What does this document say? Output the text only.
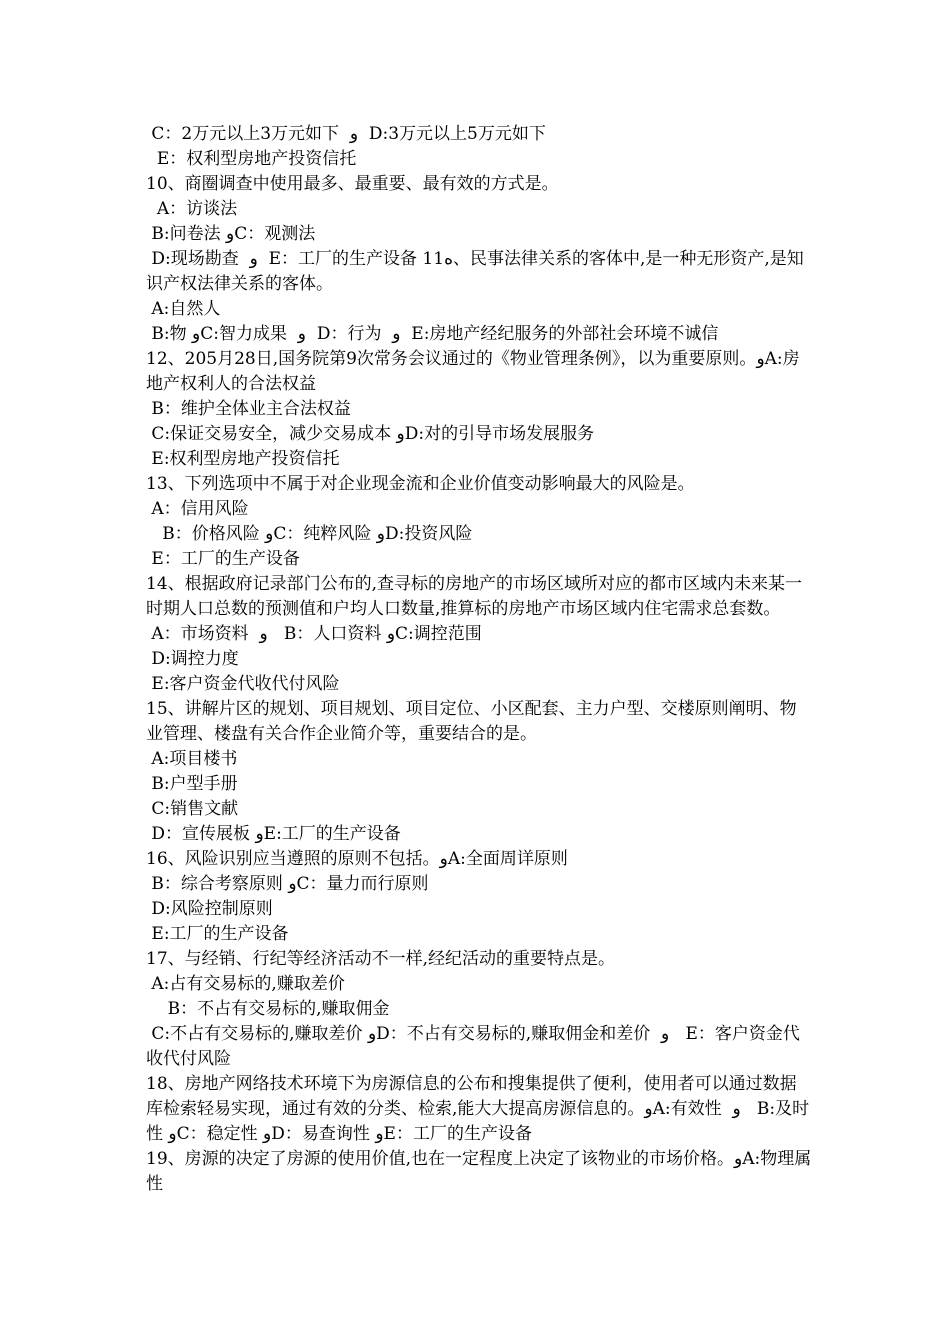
C：2万元以上3万元如下  و  D:3万元以上5万元如下

E：权利型房地产投资信托

10、商圈调查中使用最多、最重要、最有效的方式是。

A：访谈法

B:问卷法 وC：观测法

D:现场勘查  و  E：工厂的生产设备 11ه、民事法律关系的客体中,是一种无形资产,是知识产权法律关系的客体。

A:自然人

B:物 وC:智力成果  و  D：行为  و  E:房地产经纪服务的外部社会环境不诚信

12、205月28日,国务院第9次常务会议通过的《物业管理条例》，以为重要原则。وA:房地产权利人的合法权益

B：维护全体业主合法权益

C:保证交易安全，减少交易成本 وD:对的引导市场发展服务

E:权利型房地产投资信托

13、下列选项中不属于对企业现金流和企业价值变动影响最大的风险是。

A：信用风险

B：价格风险 وC：纯粹风险 وD:投资风险

E：工厂的生产设备

14、根据政府记录部门公布的,查寻标的房地产的市场区域所对应的都市区域内未来某一时期人口总数的预测值和户均人口数量,推算标的房地产市场区域内住宅需求总套数。

A：市场资料  و   B：人口资料 وC:调控范围

D:调控力度

E:客户资金代收代付风险

15、讲解片区的规划、项目规划、项目定位、小区配套、主力户型、交楼原则阐明、物业管理、楼盘有关合作企业简介等，重要结合的是。

A:项目楼书

B:户型手册

C:销售文献

D：宣传展板 وE:工厂的生产设备

16、风险识别应当遵照的原则不包括。وA:全面周详原则

B：综合考察原则 وC：量力而行原则

D:风险控制原则

E:工厂的生产设备

17、与经销、行纪等经济活动不一样,经纪活动的重要特点是。

A:占有交易标的,赚取差价

B：不占有交易标的,赚取佣金

C:不占有交易标的,赚取差价 وD：不占有交易标的,赚取佣金和差价  و   E：客户资金代收代付风险

18、房地产网络技术环境下为房源信息的公布和搜集提供了便利，使用者可以通过数据库检索轻易实现，通过有效的分类、检索,能大大提高房源信息的。وA:有效性  و   B:及时性 وC：稳定性 وD：易查询性 وE：工厂的生产设备

19、房源的决定了房源的使用价值,也在一定程度上决定了该物业的市场价格。وA:物理属性
